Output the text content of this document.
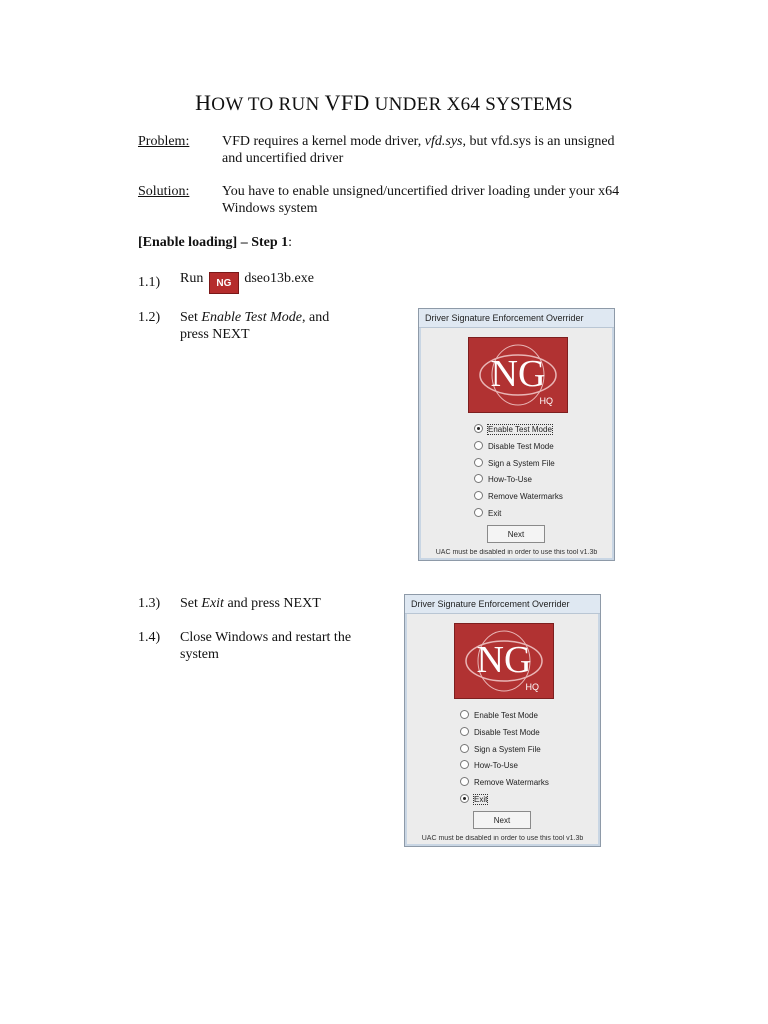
HOW TO RUN VFD UNDER X64 SYSTEMS
Problem: VFD requires a kernel mode driver, vfd.sys, but vfd.sys is an unsigned
and uncertified driver
Solution: You have to enable unsigned/uncertified driver loading under your x64
Windows system
[Enable loading] – Step 1:
1.1) Run NG dseo13b.exe
1.2) Set Enable Test Mode, and
press NEXT
Driver Signature Enforcement Overrider
NG
HQ
Enable Test Mode
Disable Test Mode
Sign a System File
How-To-Use
Remove Watermarks
Exit
Next
UAC must be disabled in order to use this tool v1.3b
1.3) Set Exit and press NEXT
1.4) Close Windows and restart the
system
Driver Signature Enforcement Overrider
NG
HQ
Enable Test Mode
Disable Test Mode
Sign a System File
How-To-Use
Remove Watermarks
Exit
Next
UAC must be disabled in order to use this tool v1.3b
